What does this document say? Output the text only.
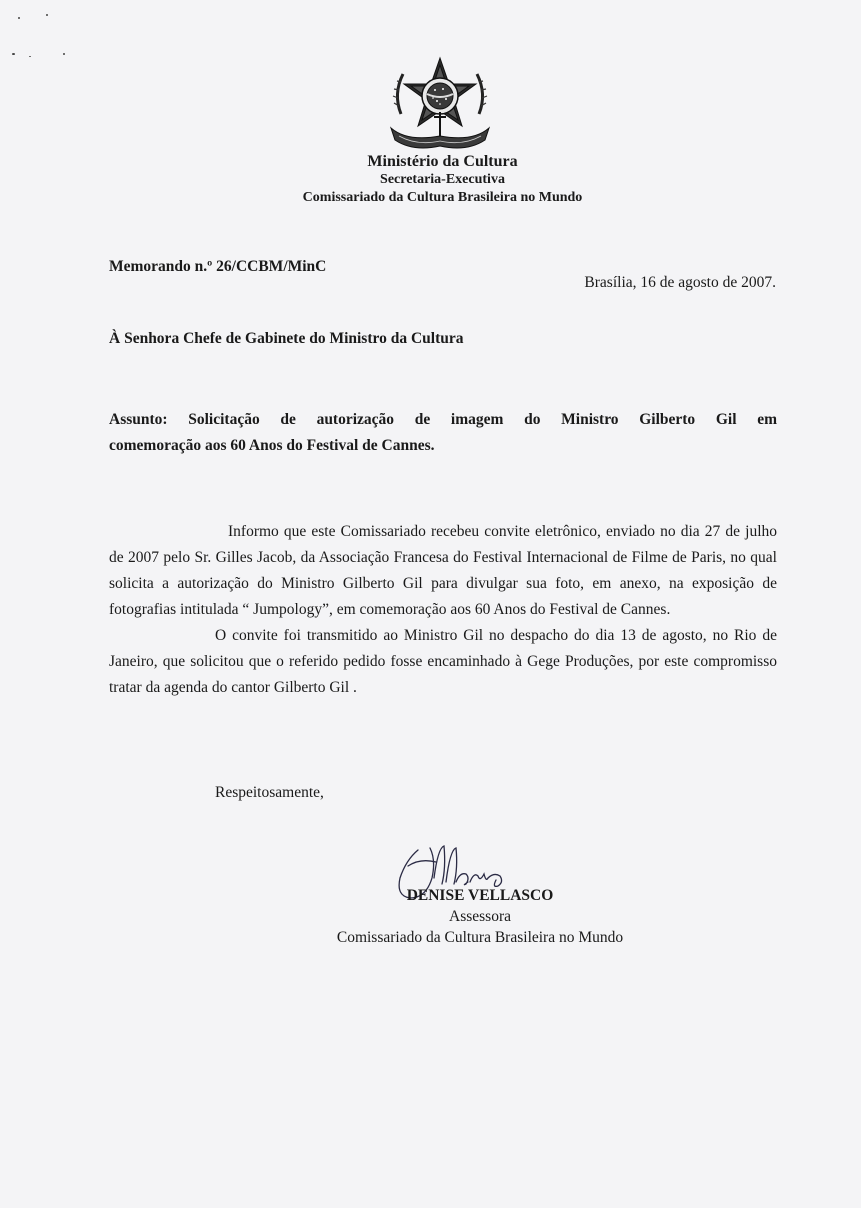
Ministério da Cultura
Secretaria-Executiva
Comissariado da Cultura Brasileira no Mundo
Memorando n.º 26/CCBM/MinC
Brasília, 16 de agosto de 2007.
À Senhora Chefe de Gabinete do Ministro da Cultura
Assunto: Solicitação de autorização de imagem do Ministro Gilberto Gil em
comemoração aos 60 Anos do Festival de Cannes.

Informo que este Comissariado recebeu convite eletrônico, enviado no dia 27 de julho de 2007 pelo Sr. Gilles Jacob, da Associação Francesa do Festival Internacional de Filme de Paris, no qual solicita a autorização do Ministro Gilberto Gil para divulgar sua foto, em anexo, na exposição de fotografias intitulada “ Jumpology”, em comemoração aos 60 Anos do Festival de Cannes.

O convite foi transmitido ao Ministro Gil no despacho do dia 13 de agosto, no Rio de Janeiro, que solicitou que o referido pedido fosse encaminhado à Gege Produções, por este compromisso tratar da agenda do cantor Gilberto Gil .

Respeitosamente,
DENISE VELLASCO
Assessora
Comissariado da Cultura Brasileira no Mundo
